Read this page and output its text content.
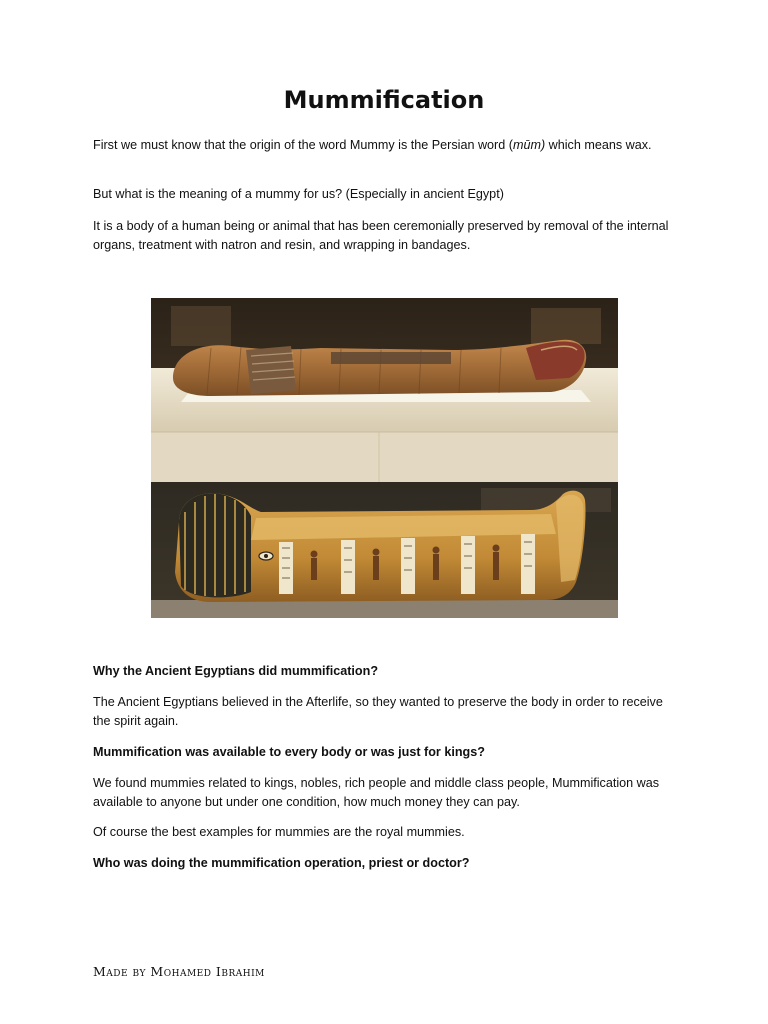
Mummification

First we must know that the origin of the word Mummy is the Persian word (mūm) which means wax.

But what is the meaning of a mummy for us? (Especially in ancient Egypt)

It is a body of a human being or animal that has been ceremonially preserved by removal of the internal organs, treatment with natron and resin, and wrapping in bandages.

Why the Ancient Egyptians did mummification?

The Ancient Egyptians believed in the Afterlife, so they wanted to preserve the body in order to receive the spirit again.

Mummification was available to every body or was just for kings?

We found mummies related to kings, nobles, rich people and middle class people, Mummification was available to anyone but under one condition, how much money they can pay.

Of course the best examples for mummies are the royal mummies.

Who was doing the mummification operation, priest or doctor?

Made by Mohamed Ibrahim
